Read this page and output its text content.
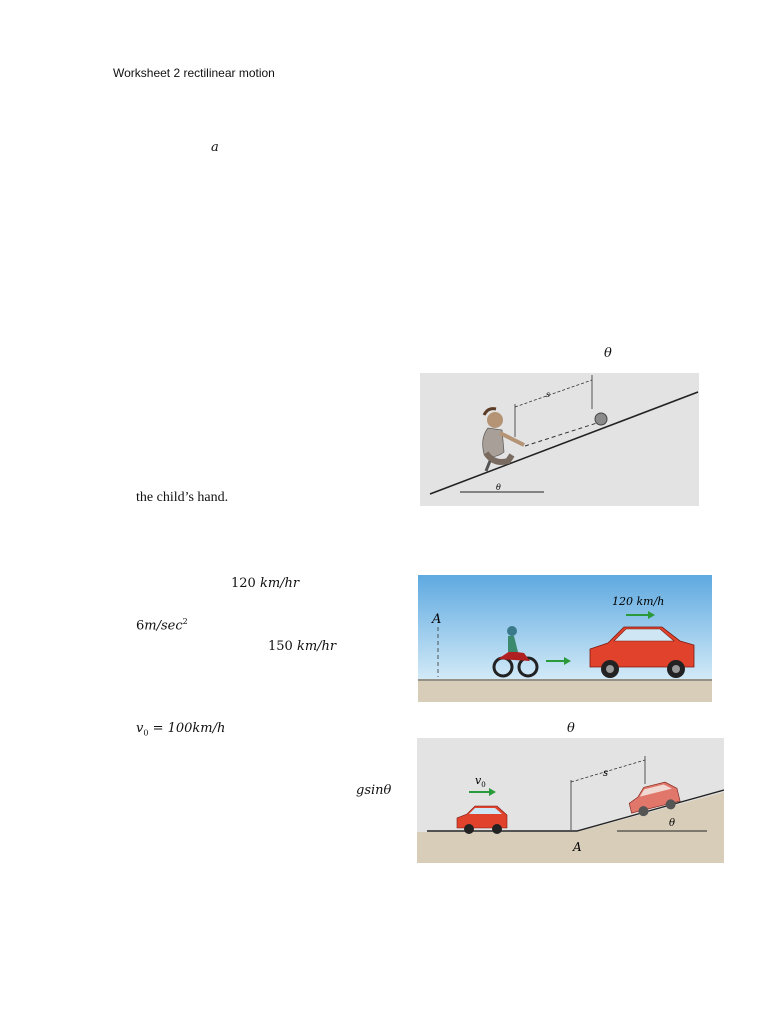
Worksheet 2 rectilinear motion
a
θ
the child’s hand.
θ
s
120 km/hr
$6m/\sec^2$
150 km/hr
A
120 km/h
$v_0 = 100km/h$	θ
gsinθ
$v_0$
s
θ
A
